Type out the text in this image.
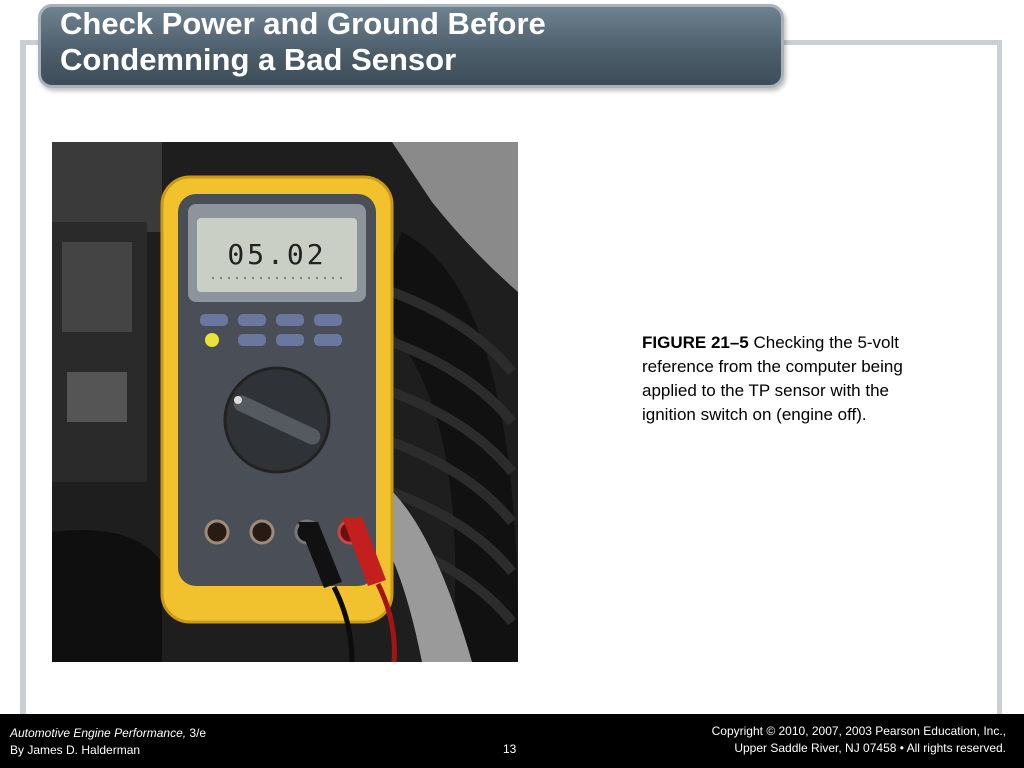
Check Power and Ground Before
Condemning a Bad Sensor
05.02
FIGURE 21–5 Checking the 5-volt reference from the computer being applied to the TP sensor with the ignition switch on (engine off).
Automotive Engine Performance, 3/e
By James D. Halderman	13
Copyright © 2010, 2007, 2003 Pearson Education, Inc.,
Upper Saddle River, NJ 07458 • All rights reserved.
